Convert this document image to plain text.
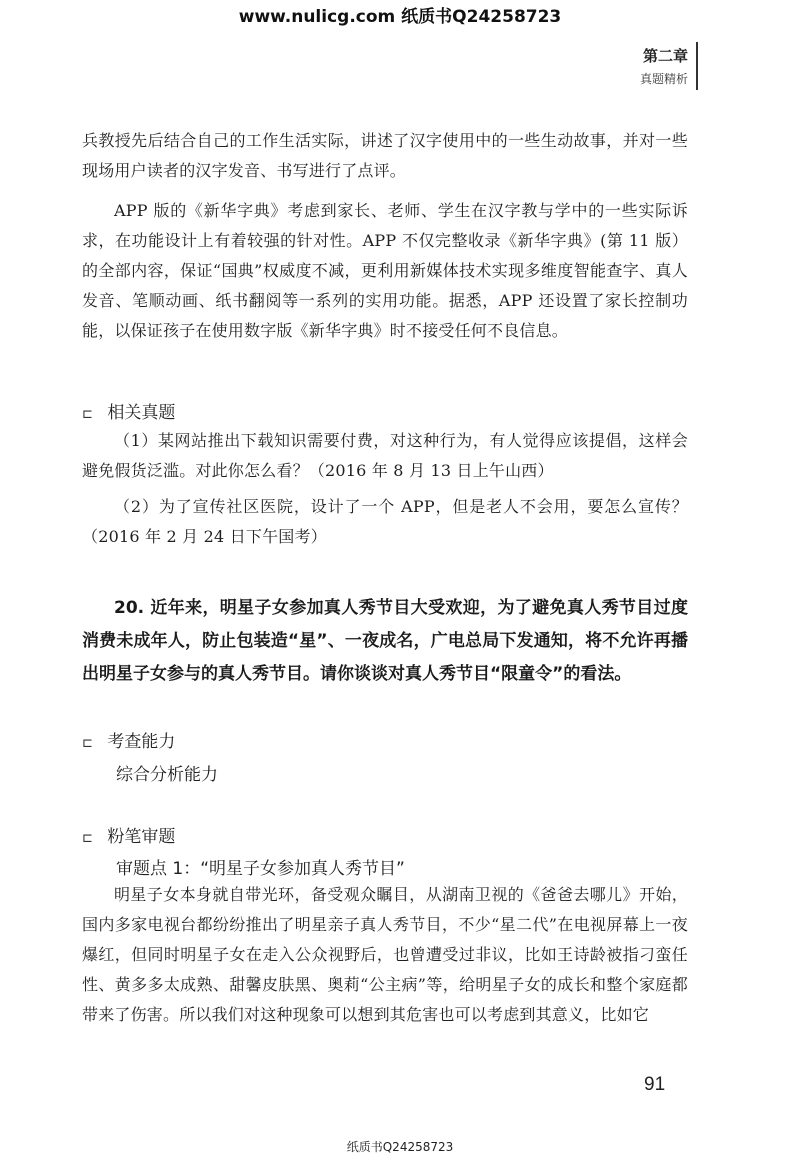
www.nulicg.com 纸质书Q24258723
第二章
真题精析
兵教授先后结合自己的工作生活实际，讲述了汉字使用中的一些生动故事，并对一些现场用户读者的汉字发音、书写进行了点评。
APP 版的《新华字典》考虑到家长、老师、学生在汉字教与学中的一些实际诉求，在功能设计上有着较强的针对性。APP 不仅完整收录《新华字典》(第 11 版）的全部内容，保证“国典”权威度不减，更利用新媒体技术实现多维度智能查字、真人发音、笔顺动画、纸书翻阅等一系列的实用功能。据悉，APP 还设置了家长控制功能，以保证孩子在使用数字版《新华字典》时不接受任何不良信息。
⊏ 相关真题
（1）某网站推出下载知识需要付费，对这种行为，有人觉得应该提倡，这样会避免假货泛滥。对此你怎么看？（2016 年 8 月 13 日上午山西）
（2）为了宣传社区医院，设计了一个 APP，但是老人不会用，要怎么宣传？（2016 年 2 月 24 日下午国考）
20. 近年来，明星子女参加真人秀节目大受欢迎，为了避免真人秀节目过度消费未成年人，防止包装造“星”、一夜成名，广电总局下发通知，将不允许再播出明星子女参与的真人秀节目。请你谈谈对真人秀节目“限童令”的看法。
⊏ 考查能力
综合分析能力
⊏ 粉笔审题
审题点 1：“明星子女参加真人秀节目”
明星子女本身就自带光环，备受观众瞩目，从湖南卫视的《爸爸去哪儿》开始，国内多家电视台都纷纷推出了明星亲子真人秀节目，不少“星二代”在电视屏幕上一夜爆红，但同时明星子女在走入公众视野后，也曾遭受过非议，比如王诗龄被指刁蛮任性、黄多多太成熟、甜馨皮肤黑、奥莉“公主病”等，给明星子女的成长和整个家庭都带来了伤害。所以我们对这种现象可以想到其危害也可以考虑到其意义，比如它
91
纸质书Q24258723
